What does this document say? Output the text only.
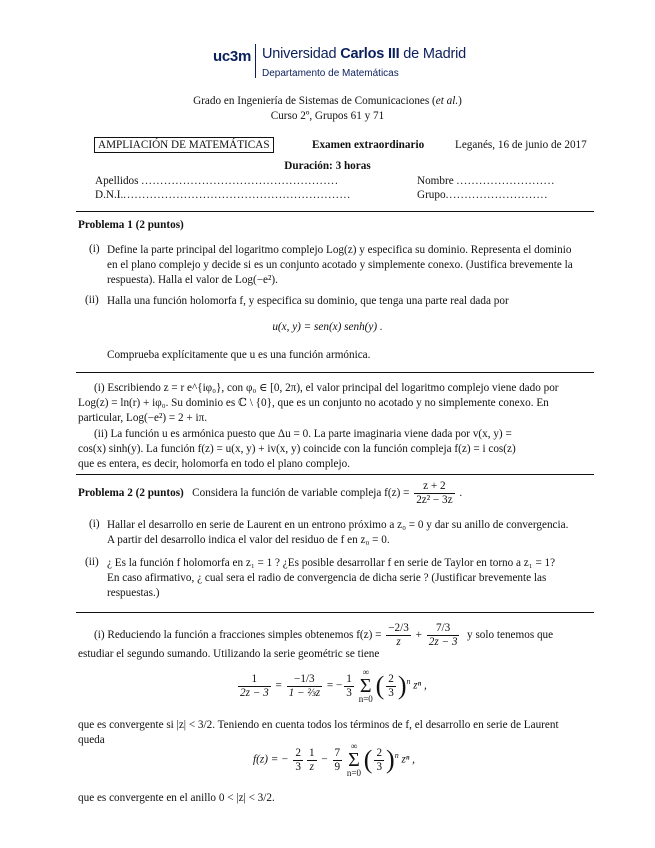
uc3m Universidad Carlos III de Madrid
Departamento de Matemáticas
Grado en Ingeniería de Sistemas de Comunicaciones (et al.)
Curso 2º, Grupos 61 y 71
AMPLIACIÓN DE MATEMÁTICAS	Examen extraordinario	Leganés, 16 de junio de 2017
Duración: 3 horas
Apellidos ....................................................	Nombre ..........................
D.N.I.............................................................	Grupo...........................
Problema 1 (2 puntos)
(i) Define la parte principal del logaritmo complejo Log(z) y especifica su dominio. Representa el dominio
en el plano complejo y decide si es un conjunto acotado y simplemente conexo. (Justifica brevemente la
respuesta). Halla el valor de Log(−e²).
(ii) Halla una función holomorfa f, y especifica su dominio, que tenga una parte real dada por
u(x, y) = sen(x) senh(y) .
Comprueba explícitamente que u es una función armónica.
(i) Escribiendo z = r e^{iφ₀}, con φ₀ ∈ [0, 2π), el valor principal del logaritmo complejo viene dado por
Log(z) = ln(r) + iφ₀. Su dominio es ℂ \ {0}, que es un conjunto no acotado y no simplemente conexo. En
particular, Log(−e²) = 2 + iπ.
(ii) La función u es armónica puesto que Δu = 0. La parte imaginaria viene dada por v(x, y) =
cos(x) sinh(y). La función f(z) = u(x, y) + iv(x, y) coincide con la función compleja f(z) = i cos(z)
que es entera, es decir, holomorfa en todo el plano complejo.
Problema 2 (2 puntos) Considera la función de variable compleja $f(z) = \frac{z + 2}{\text{2z² − 3z}}$ .
(i) Hallar el desarrollo en serie de Laurent en un entrono próximo a z₀ = 0 y dar su anillo de convergencia.
A partir del desarrollo indica el valor del residuo de f en z₀ = 0.
(ii) ¿ Es la función f holomorfa en z₁ = 1 ? ¿Es posible desarrollar f en serie de Taylor en torno a z₁ = 1?
En caso afirmativo, ¿ cual sera el radio de convergencia de dicha serie ? (Justificar brevemente las
respuestas.)
(i) Reduciendo la función a fracciones simples obtenemos $f(z) = \frac{-2/3}{z} + \frac{7/3}{2z - 3}$ y solo tenemos que
estudiar el segundo sumando. Utilizando la serie geométric se tiene
$\frac{1}{2z - 3} = \frac{-1/3}{\text{1 − ⅔z}}$ = − $\frac{1}{3}$
∞
Σ
n=0 ( $\frac{2}{3} )^n$ zⁿ ,
que es convergente si |z| < 3/2. Teniendo en cuenta todos los términos de f, el desarrollo en serie de Laurent
queda
f(z) = − $\frac{2}{3} \frac{1}{z} - \frac{7}{9}$
∞
Σ
n=0 ( $\frac{2}{3} )^n$ zⁿ ,
que es convergente en el anillo 0 < |z| < 3/2.
